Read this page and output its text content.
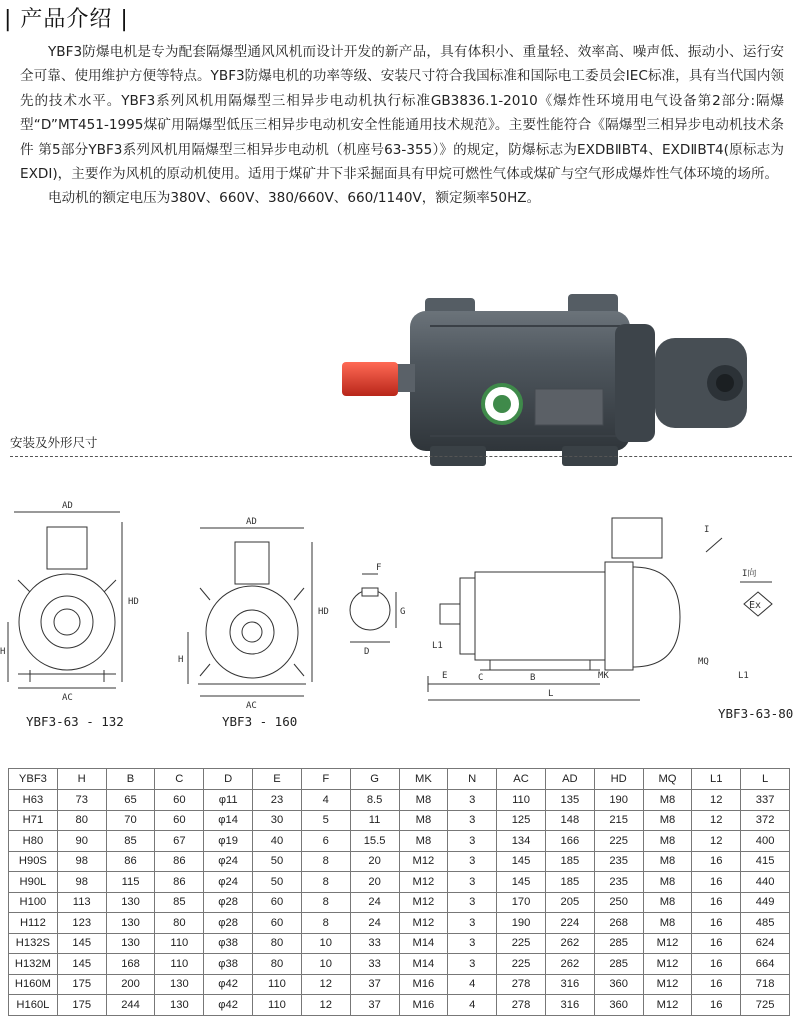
| 产品介绍 |

YBF3防爆电机是专为配套隔爆型通风风机而设计开发的新产品，具有体积小、重量轻、效率高、噪声低、振动小、运行安全可靠、使用维护方便等特点。YBF3防爆电机的功率等级、安装尺寸符合我国标准和国际电工委员会IEC标准，具有当代国内领先的技术水平。YBF3系列风机用隔爆型三相异步电动机执行标准GB3836.1-2010《爆炸性环境用电气设备第2部分:隔爆型“D”MT451-1995煤矿用隔爆型低压三相异步电动机安全性能通用技术规范》。主要性能符合《隔爆型三相异步电动机技术条件 第5部分YBF3系列风机用隔爆型三相异步电动机（机座号63-355）》的规定，防爆标志为EXDBⅡBT4、EXDⅡBT4(原标志为EXDⅠ)，主要作为风机的原动机使用。适用于煤矿井下非采掘面具有甲烷可燃性气体或煤矿与空气形成爆炸性气体环境的场所。

电动机的额定电压为380V、660V、380/660V、660/1140V，额定频率50HZ。

安装及外形尺寸
AD
AC
HD
H
AD
AC
HD
H
F
G
D
L1
E	C	B	MK
L
I
I向
Ex
MQ
L1
YBF3-63 - 132	YBF3 - 160
YBF3-63-80
YBF3	H	B	C	D	E	F	G	MK	N	AC	AD	HD	MQ	L1	L
H63	73	65	60	φ11	23	4	8.5	M8	3	110	135	190	M8	12	337
H71	80	70	60	φ14	30	5	11	M8	3	125	148	215	M8	12	372
H80	90	85	67	φ19	40	6	15.5	M8	3	134	166	225	M8	12	400
H90S	98	86	86	φ24	50	8	20	M12	3	145	185	235	M8	16	415
H90L	98	115	86	φ24	50	8	20	M12	3	145	185	235	M8	16	440
H100	113	130	85	φ28	60	8	24	M12	3	170	205	250	M8	16	449
H112	123	130	80	φ28	60	8	24	M12	3	190	224	268	M8	16	485
H132S	145	130	110	φ38	80	10	33	M14	3	225	262	285	M12	16	624
H132M	145	168	110	φ38	80	10	33	M14	3	225	262	285	M12	16	664
H160M	175	200	130	φ42	110	12	37	M16	4	278	316	360	M12	16	718
H160L	175	244	130	φ42	110	12	37	M16	4	278	316	360	M12	16	725
